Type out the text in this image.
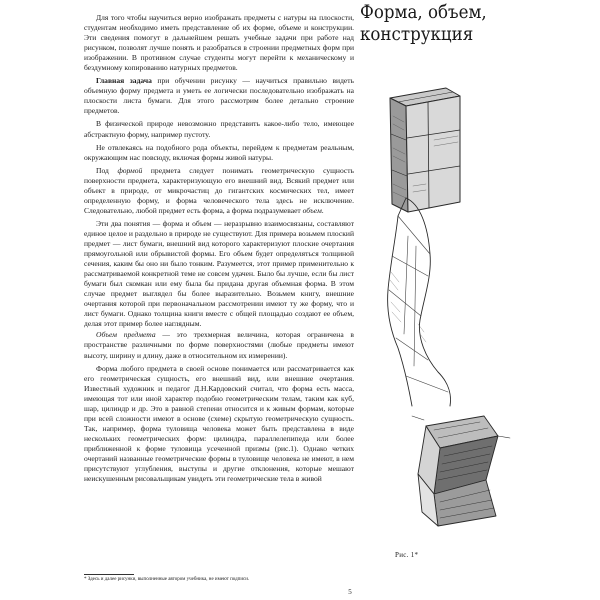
Для того чтобы научиться верно изображать предметы с натуры на плоскости, студентам необходимо иметь представление об их форме, объеме и конструкции. Эти сведения помогут в дальнейшем решать учебные задачи при работе над рисунком, позволят лучше понять и разобраться в строении предметных форм при изображении. В противном случае студенты могут перейти к механическому и бездумному копированию натурных предметов.

Главная задача при обучении рисунку — научиться правильно видеть объемную форму предмета и уметь ее логически последовательно изображать на плоскости листа бумаги. Для этого рассмотрим более детально строение предметов.

В физической природе невозможно представить какое-либо тело, имеющее абстрактную форму, например пустоту.

Не отвлекаясь на подобного рода объекты, перейдем к предметам реальным, окружающим нас повсюду, включая формы живой натуры.

Под формой предмета следует понимать геометрическую сущность поверхности предмета, характеризующую его внешний вид. Всякий предмет или объект в природе, от микрочастиц до гигантских космических тел, имеет определенную форму, и форма человеческого тела здесь не исключение. Следовательно, любой предмет есть форма, а форма подразумевает объем.

Эти два понятия — форма и объем — неразрывно взаимосвязаны, составляют единое целое и раздельно в природе не существуют. Для примера возьмем плоский предмет — лист бумаги, внешний вид которого характеризуют плоские очертания прямоугольной или обрывистой формы. Его объем будет определяться толщиной сечения, каким бы оно ни было тонким. Разумеется, этот пример применительно к рассматриваемой конкретной теме не совсем удачен. Было бы лучше, если бы лист бумаги был скомкан или ему была бы придана другая объемная форма. В этом случае предмет выглядел бы более выразительно. Возьмем книгу, внешние очертания которой при первоначальном рассмотрении имеют ту же форму, что и лист бумаги. Однако толщина книги вместе с общей площадью создают ее объем, делая этот пример более наглядным.

Объем предмета — это трехмерная величина, которая ограничена в пространстве различными по форме поверхностями (любые предметы имеют высоту, ширину и длину, даже в относительном их измерении).

Форма любого предмета в своей основе понимается или рассматривается как его геометрическая сущность, его внешний вид, или внешние очертания. Известный художник и педагог Д.Н.Кардовский считал, что форма есть масса, имеющая тот или иной характер подобно геометрическим телам, таким как куб, шар, цилиндр и др. Это в равной степени относится и к живым формам, которые при всей сложности имеют в основе (схеме) скрытую геометрическую сущность. Так, например, форма туловища человека может быть представлена в виде нескольких геометрических форм: цилиндра, параллелепипеда или более приближенной к форме туловища усеченной призмы (рис.1). Однако четких очертаний названные геометрические формы в туловище человека не имеют, в нем присутствуют углубления, выступы и другие отклонения, которые мешают неискушенным рисовальщикам увидеть эти геометрические тела в живой

* Здесь и далее рисунки, выполненные автором учебника, не имеют подписи.
5
Форма, объем,
конструкция
Рис. 1*
